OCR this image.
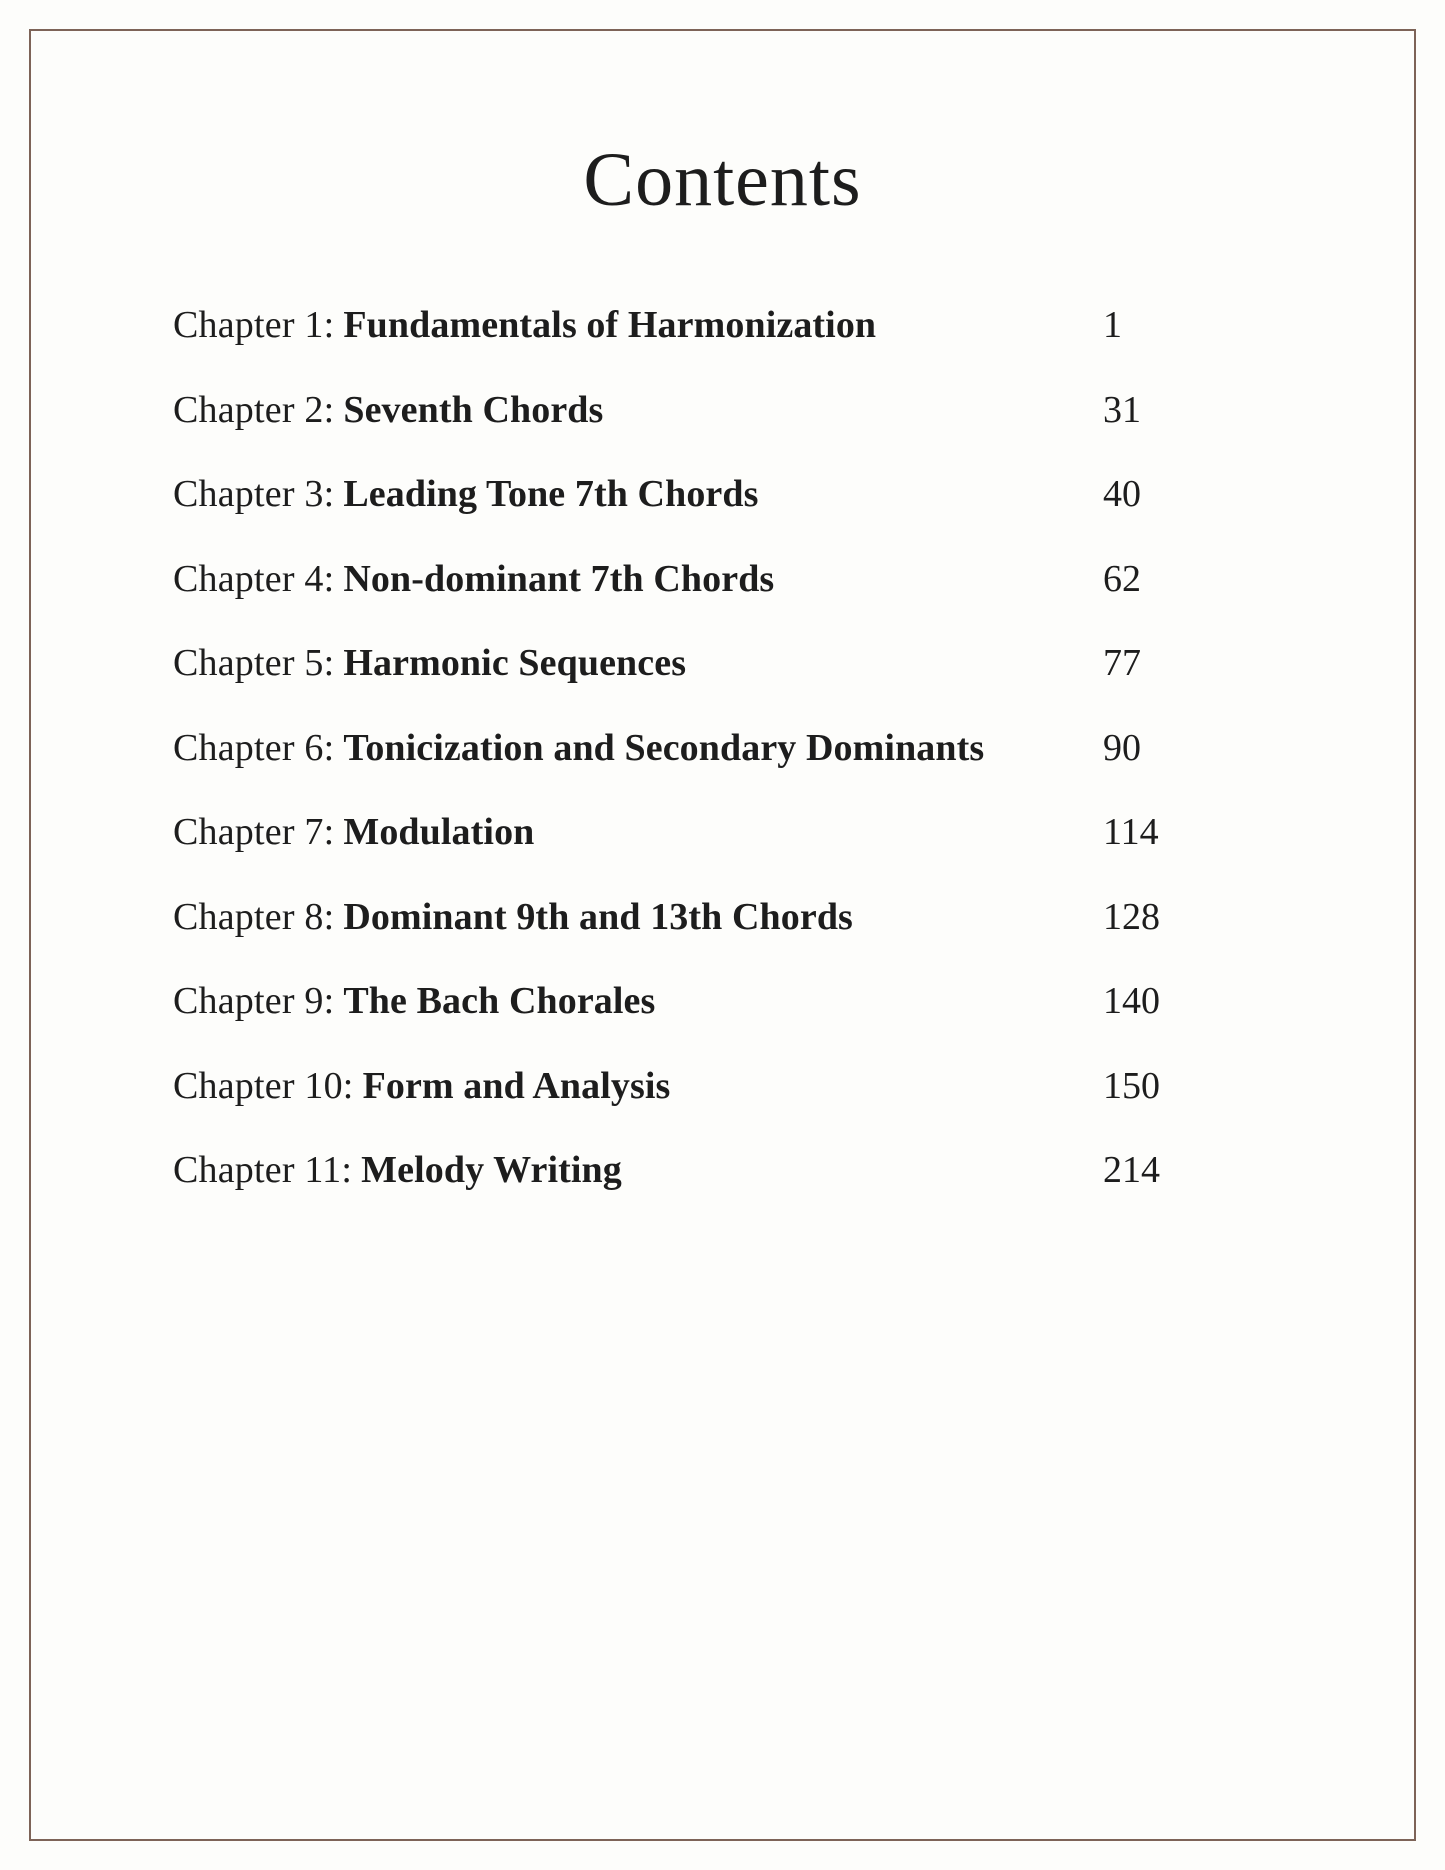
Contents
Chapter 1: Fundamentals of Harmonization	1
Chapter 2: Seventh Chords	31
Chapter 3: Leading Tone 7th Chords	40
Chapter 4: Non-dominant 7th Chords	62
Chapter 5: Harmonic Sequences	77
Chapter 6: Tonicization and Secondary Dominants	90
Chapter 7: Modulation	114
Chapter 8: Dominant 9th and 13th Chords	128
Chapter 9: The Bach Chorales	140
Chapter 10: Form and Analysis	150
Chapter 11: Melody Writing	214
